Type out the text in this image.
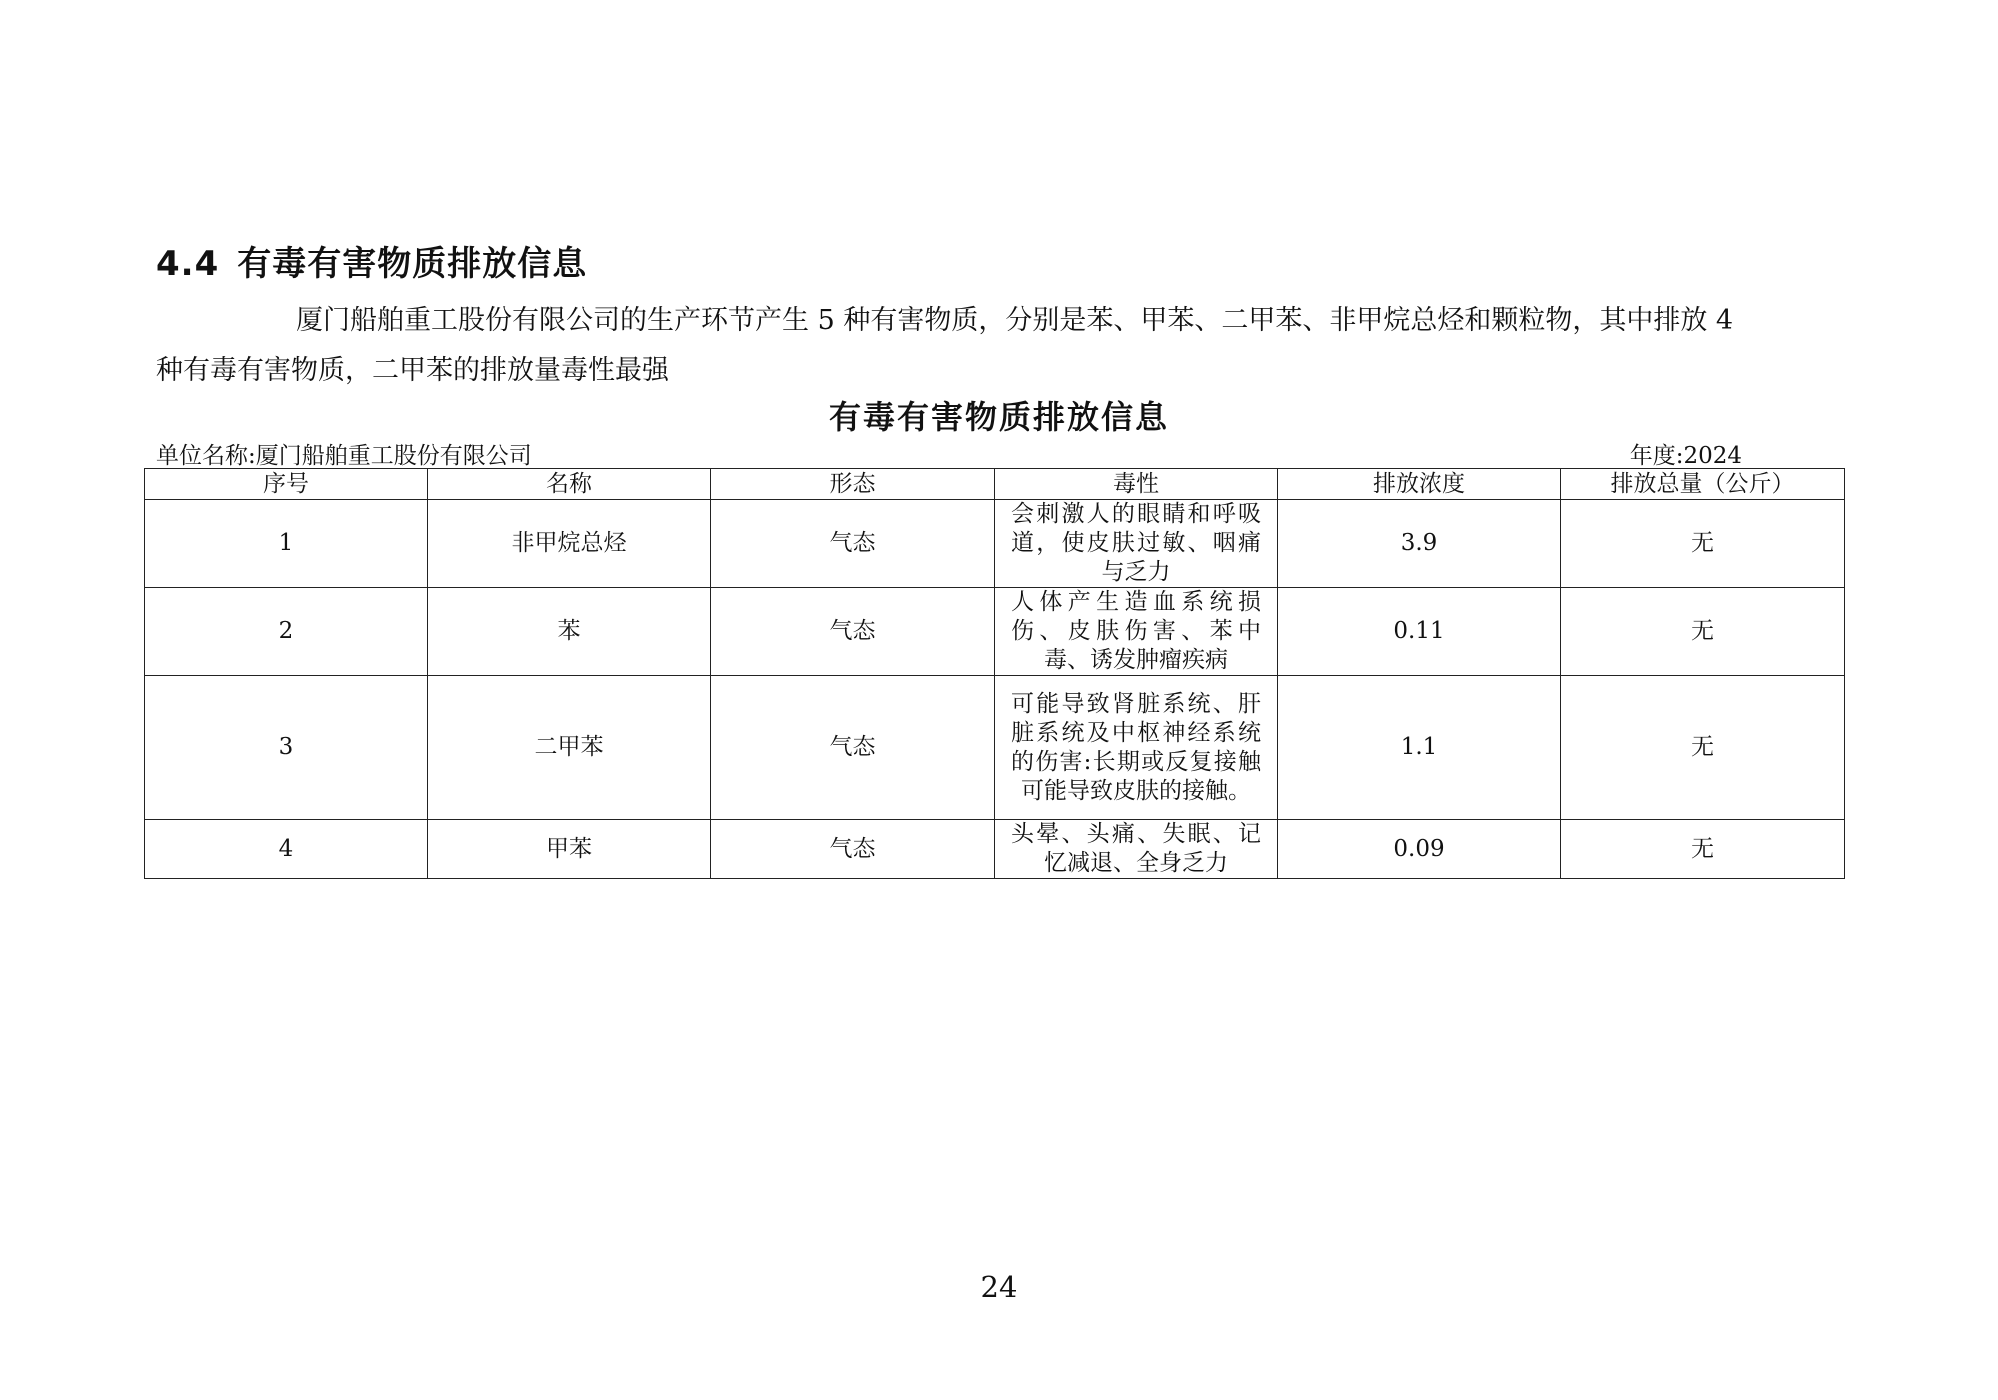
4.4 有毒有害物质排放信息
厦门船舶重工股份有限公司的生产环节产生 5 种有害物质，分别是苯、甲苯、二甲苯、非甲烷总烃和颗粒物，其中排放 4
种有毒有害物质，二甲苯的排放量毒性最强
有毒有害物质排放信息
单位名称:厦门船舶重工股份有限公司	年度:2024
序号	名称	形态	毒性	排放浓度	排放总量（公斤）
1	非甲烷总烃	气态	会刺激人的眼睛和呼吸道，使皮肤过敏、咽痛与乏力	3.9	无
2	苯	气态	人体产生造血系统损伤、皮肤伤害、苯中毒、诱发肿瘤疾病	0.11	无
3	二甲苯	气态	可能导致肾脏系统、肝脏系统及中枢神经系统的伤害:长期或反复接触可能导致皮肤的接触。	1.1	无
4	甲苯	气态	头晕、头痛、失眠、记忆减退、全身乏力	0.09	无
24
